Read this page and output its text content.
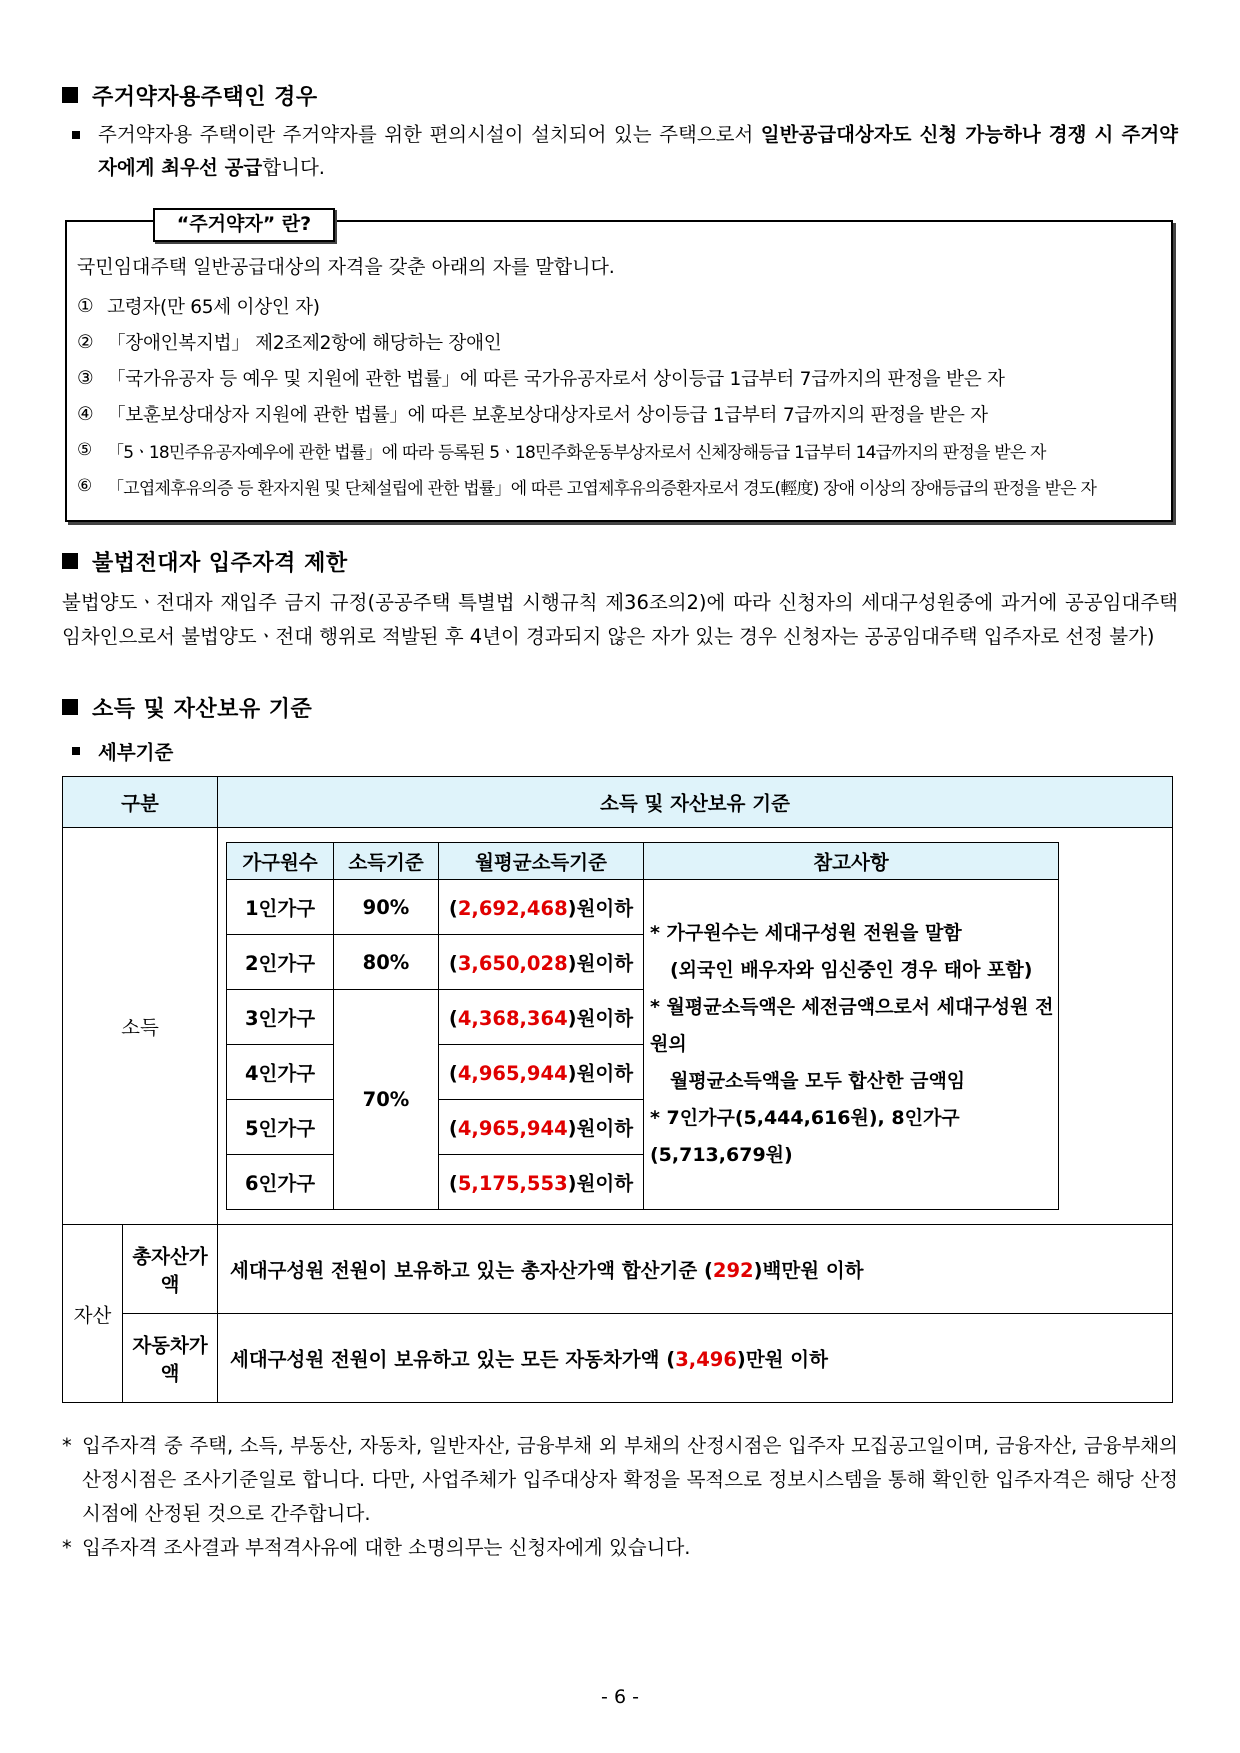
주거약자용주택인 경우
주거약자용 주택이란 주거약자를 위한 편의시설이 설치되어 있는 주택으로서 일반공급대상자도 신청 가능하나 경쟁 시 주거약자에게 최우선 공급합니다.
“주거약자” 란?
국민임대주택 일반공급대상의 자격을 갖춘 아래의 자를 말합니다.
① 고령자(만 65세 이상인 자)
② 「장애인복지법」 제2조제2항에 해당하는 장애인
③ 「국가유공자 등 예우 및 지원에 관한 법률」에 따른 국가유공자로서 상이등급 1급부터 7급까지의 판정을 받은 자
④ 「보훈보상대상자 지원에 관한 법률」에 따른 보훈보상대상자로서 상이등급 1급부터 7급까지의 판정을 받은 자
⑤ 「5ㆍ18민주유공자예우에 관한 법률」에 따라 등록된 5ㆍ18민주화운동부상자로서 신체장해등급 1급부터 14급까지의 판정을 받은 자
⑥ 「고엽제후유의증 등 환자지원 및 단체설립에 관한 법률」에 따른 고엽제후유의증환자로서 경도(輕度) 장애 이상의 장애등급의 판정을 받은 자
불법전대자 입주자격 제한
불법양도ㆍ전대자 재입주 금지 규정(공공주택 특별법 시행규칙 제36조의2)에 따라 신청자의 세대구성원중에 과거에 공공임대주택 임차인으로서 불법양도ㆍ전대 행위로 적발된 후 4년이 경과되지 않은 자가 있는 경우 신청자는 공공임대주택 입주자로 선정 불가)
소득 및 자산보유 기준
세부기준
구분	소득 및 자산보유 기준
소득	
가구원수	소득기준	월평균소득기준	참고사항
1인가구	90%	(2,692,468)원이하	
* 가구원수는 세대구성원 전원을 말함
(외국인 배우자와 임신중인 경우 태아 포함)
* 월평균소득액은 세전금액으로서 세대구성원 전원의
월평균소득액을 모두 합산한 금액임
* 7인가구(5,444,616원), 8인가구(5,713,679원)

2인가구	80%	(3,650,028)원이하
3인가구	70%	(4,368,364)원이하
4인가구	(4,965,944)원이하
5인가구	(4,965,944)원이하
6인가구	(5,175,553)원이하

자산	총자산가액	세대구성원 전원이 보유하고 있는 총자산가액 합산기준 (292)백만원 이하
자동차가액	세대구성원 전원이 보유하고 있는 모든 자동차가액 (3,496)만원 이하
* 입주자격 중 주택, 소득, 부동산, 자동차, 일반자산, 금융부채 외 부채의 산정시점은 입주자 모집공고일이며, 금융자산, 금융부채의 산정시점은 조사기준일로 합니다. 다만, 사업주체가 입주대상자 확정을 목적으로 정보시스템을 통해 확인한 입주자격은 해당 산정시점에 산정된 것으로 간주합니다.
* 입주자격 조사결과 부적격사유에 대한 소명의무는 신청자에게 있습니다.
- 6 -
